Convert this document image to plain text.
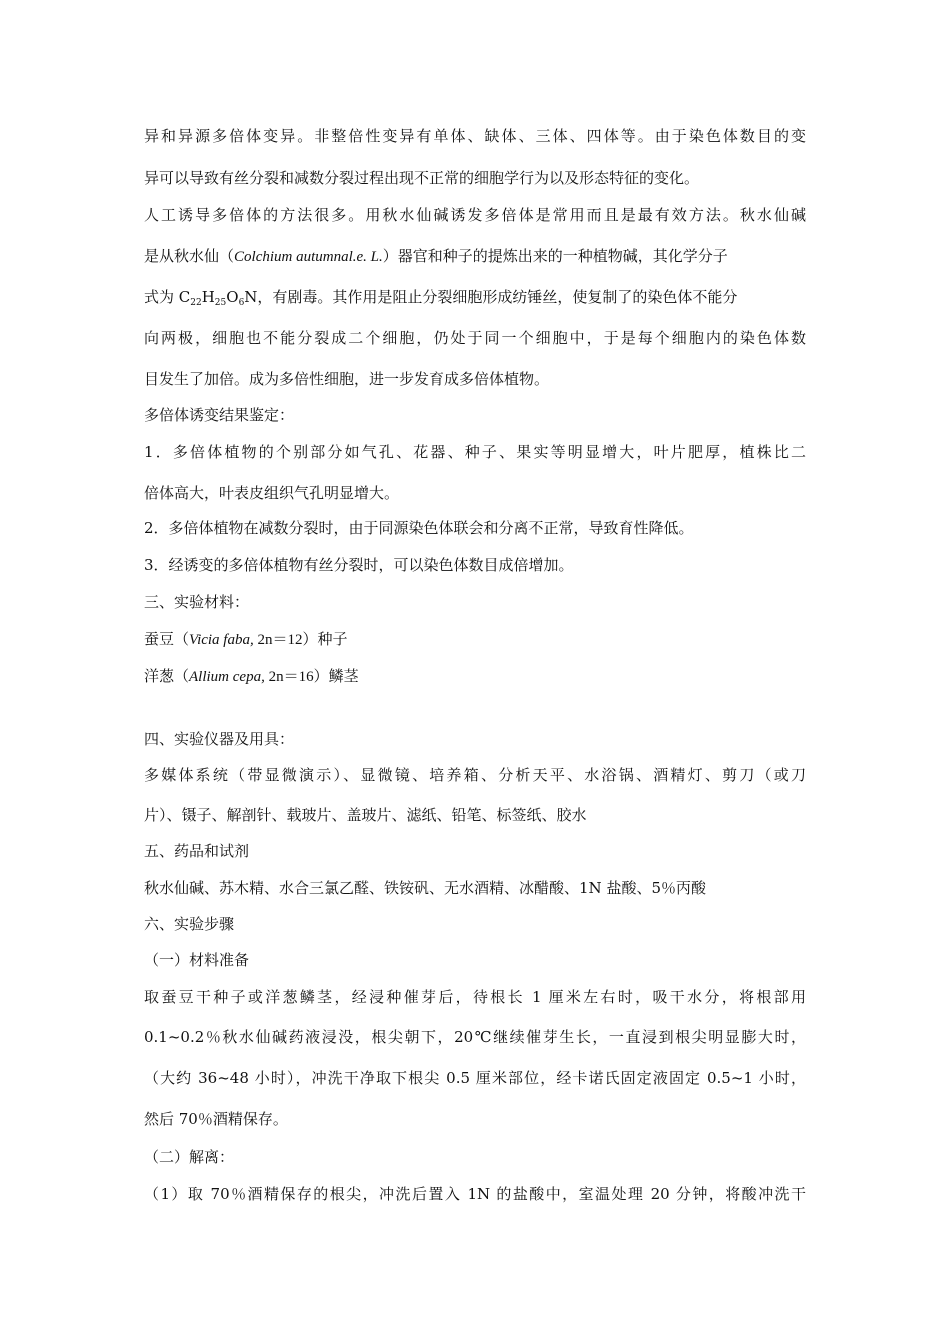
异和异源多倍体变异。非整倍性变异有单体、缺体、三体、四体等。由于染色体数目的变
异可以导致有丝分裂和减数分裂过程出现不正常的细胞学行为以及形态特征的变化。
人工诱导多倍体的方法很多。用秋水仙碱诱发多倍体是常用而且是最有效方法。秋水仙碱
是从秋水仙（Colchium autumnal.e. L.）器官和种子的提炼出来的一种植物碱，其化学分子
式为 $C_{22}H_{25}O_6N$，有剧毒。其作用是阻止分裂细胞形成纺锤丝，使复制了的染色体不能分
向两极，细胞也不能分裂成二个细胞，仍处于同一个细胞中，于是每个细胞内的染色体数
目发生了加倍。成为多倍性细胞，进一步发育成多倍体植物。
多倍体诱变结果鉴定：
1．多倍体植物的个别部分如气孔、花器、种子、果实等明显增大，叶片肥厚，植株比二
倍体高大，叶表皮组织气孔明显增大。
2．多倍体植物在减数分裂时，由于同源染色体联会和分离不正常，导致育性降低。
3．经诱变的多倍体植物有丝分裂时，可以染色体数目成倍增加。
三、实验材料：
蚕豆（Vicia faba, 2n＝12）种子
洋葱（Allium cepa, 2n＝16）鳞茎
四、实验仪器及用具：
多媒体系统（带显微演示）、显微镜、培养箱、分析天平、水浴锅、酒精灯、剪刀（或刀
片）、镊子、解剖针、载玻片、盖玻片、滤纸、铅笔、标签纸、胶水
五、药品和试剂
秋水仙碱、苏木精、水合三氯乙醛、铁铵矾、无水酒精、冰醋酸、1N 盐酸、5％丙酸
六、实验步骤
（一）材料准备
取蚕豆干种子或洋葱鳞茎，经浸种催芽后，待根长 1 厘米左右时，吸干水分，将根部用
0.1~0.2％秋水仙碱药液浸没，根尖朝下，20℃继续催芽生长，一直浸到根尖明显膨大时，
（大约 36~48 小时），冲洗干净取下根尖 0.5 厘米部位，经卡诺氏固定液固定 0.5~1 小时，
然后 70％酒精保存。
（二）解离：
（1）取 70％酒精保存的根尖，冲洗后置入 1N 的盐酸中，室温处理 20 分钟，将酸冲洗干
